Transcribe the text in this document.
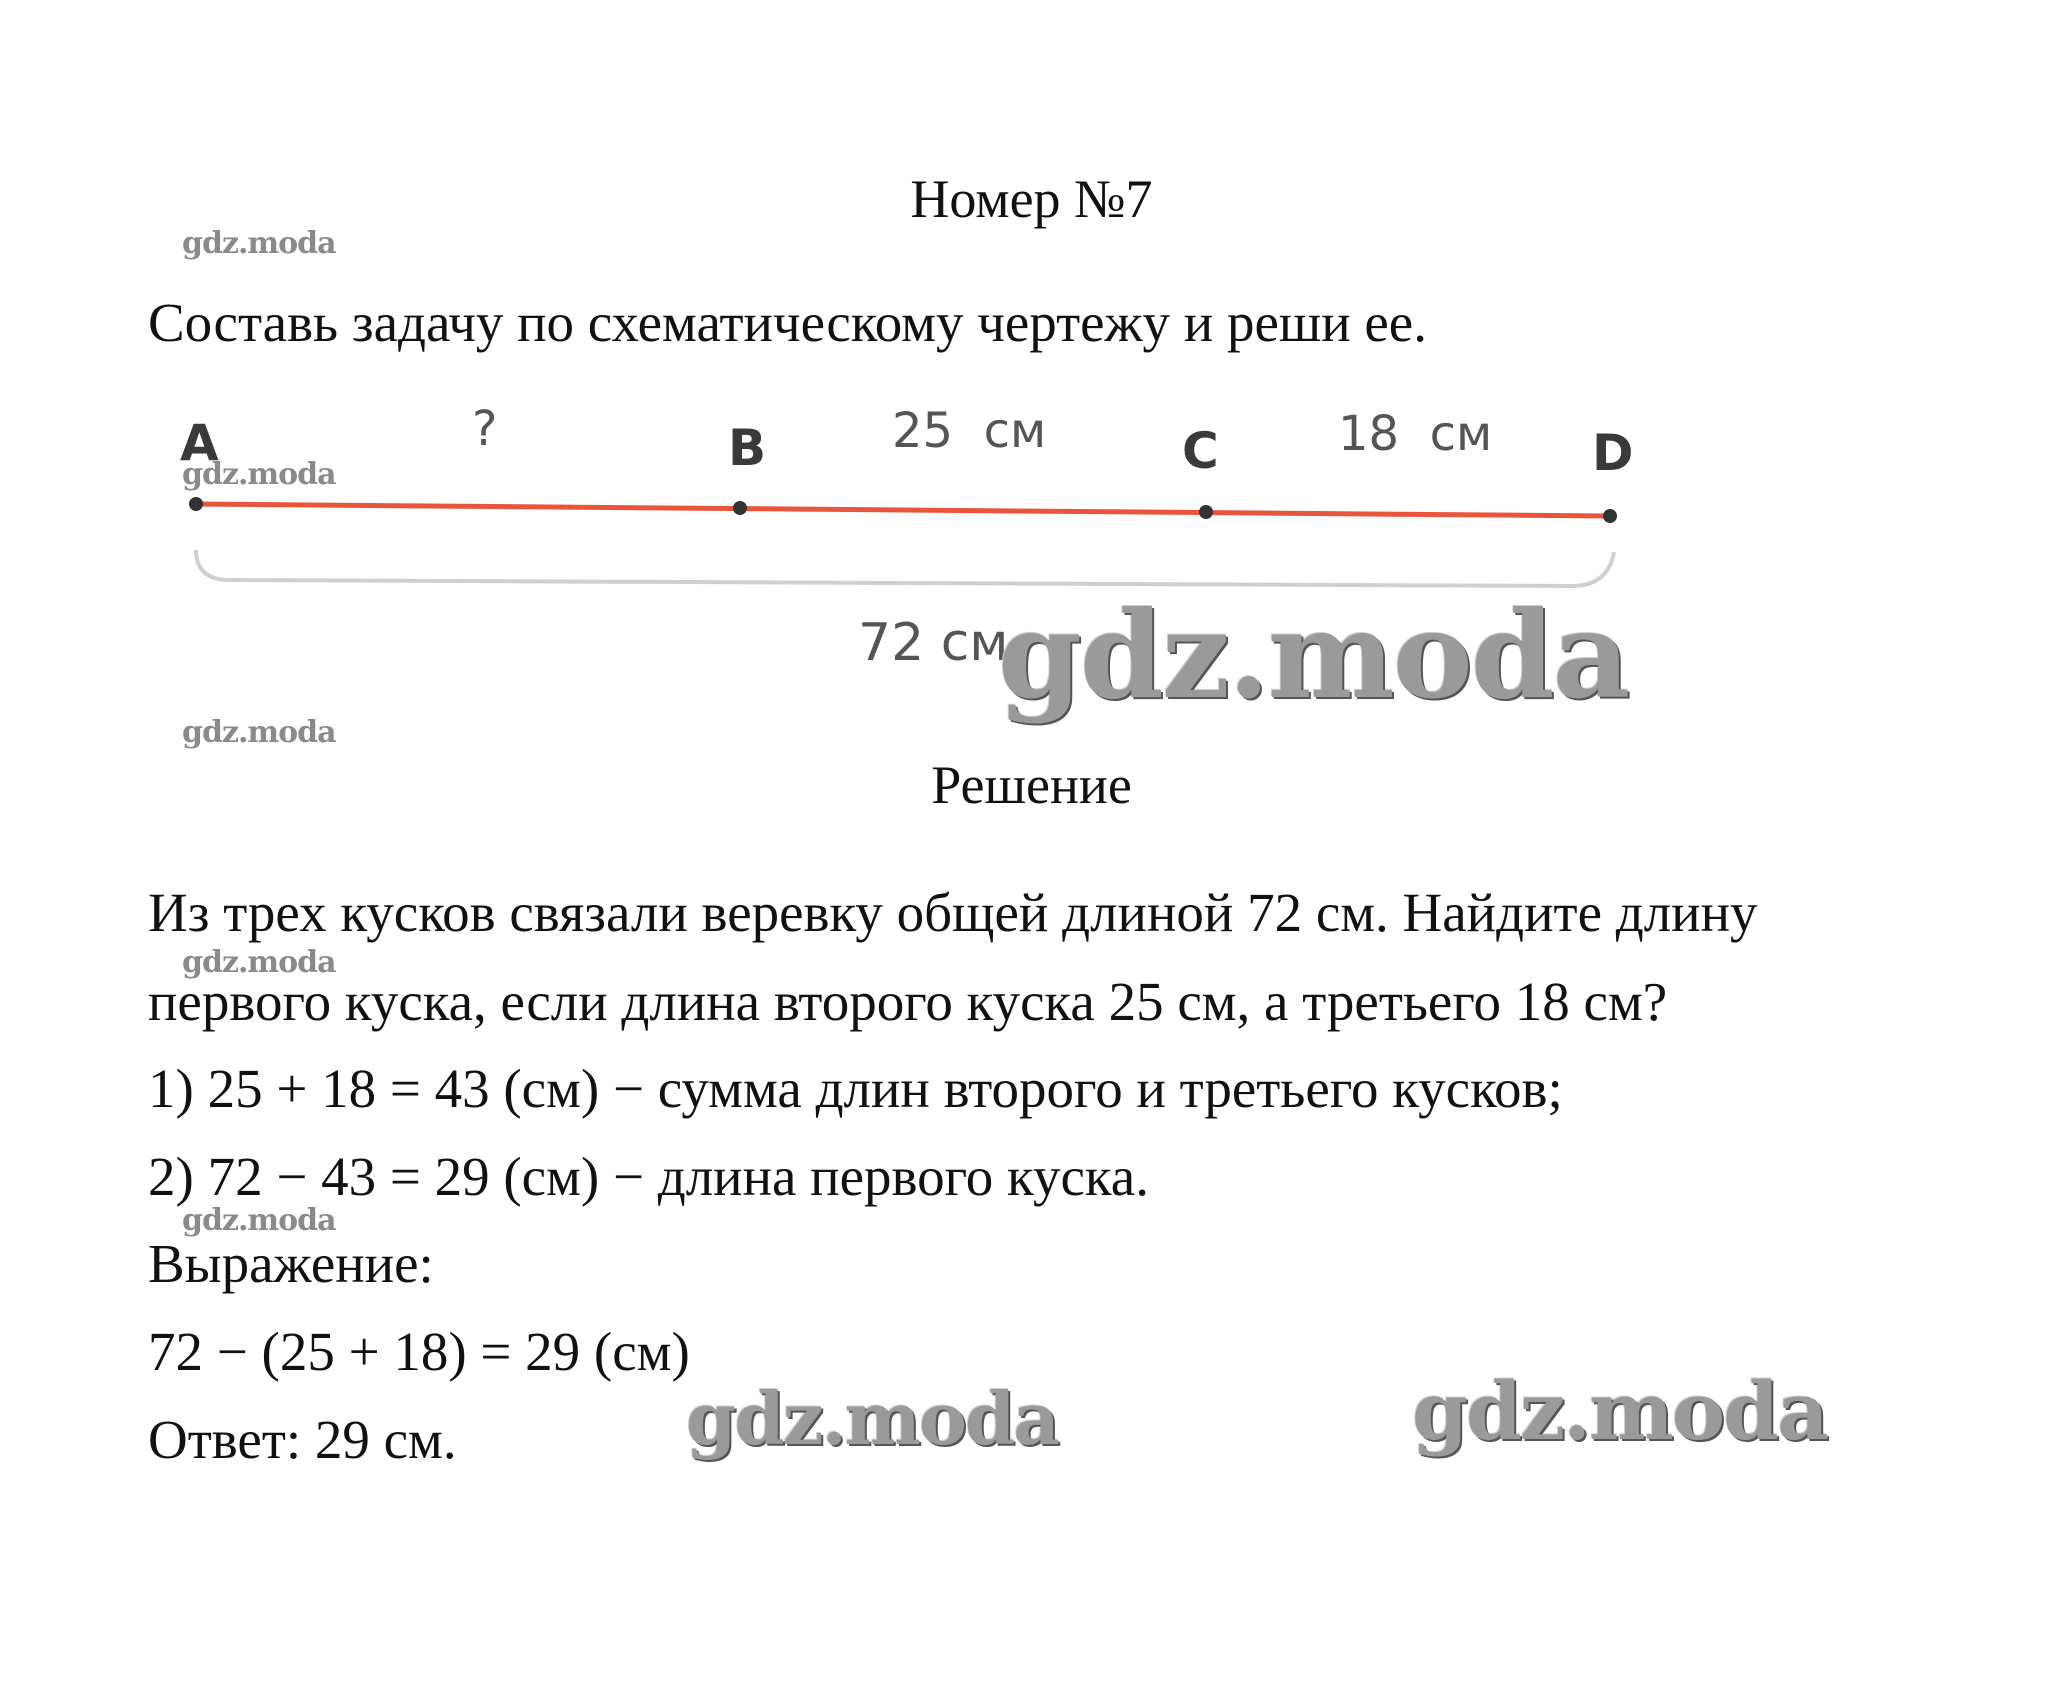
Номер №7
gdz.moda
Составь задачу по схематическому чертежу и реши ее.
A	B	C	D
?	25  см	18  см
72 см
gdz.moda
gdz.moda
gdz.moda
Решение
Из трех кусков связали веревку общей длиной 72 см. Найдите длину
gdz.moda
первого куска, если длина второго куска 25 см, а третьего 18 см?
1) 25 + 18 = 43 (см) − сумма длин второго и третьего кусков;
2) 72 − 43 = 29 (см) − длина первого куска.
gdz.moda
Выражение:
72 − (25 + 18) = 29 (см)
Ответ: 29 см.	gdz.moda	gdz.moda
